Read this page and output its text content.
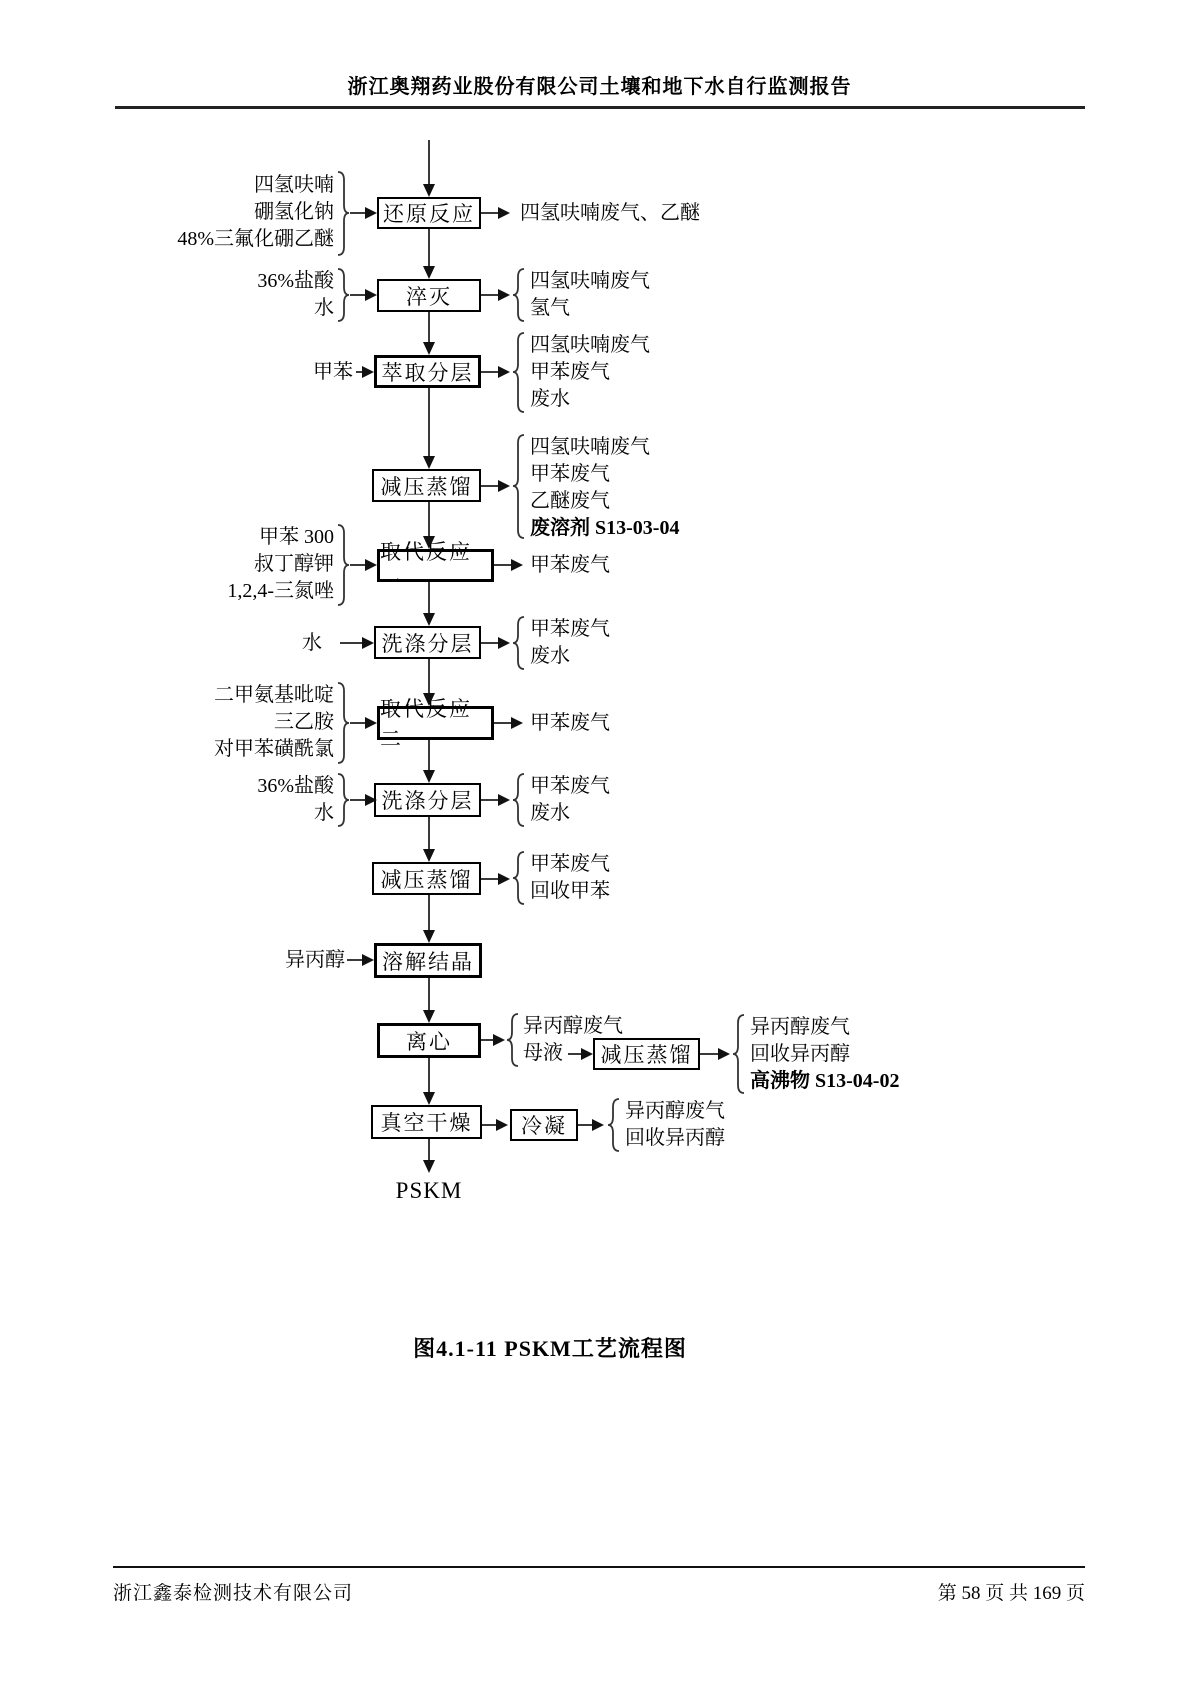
浙江奥翔药业股份有限公司土壤和地下水自行监测报告
还原反应
淬灭
萃取分层
减压蒸馏
取代反应一
洗涤分层
取代反应二
洗涤分层
减压蒸馏
溶解结晶
离心
真空干燥
减压蒸馏
冷凝
四氢呋喃
硼氢化钠
48%三氟化硼乙醚
四氢呋喃废气、乙醚
36%盐酸
水
四氢呋喃废气
氢气
甲苯
四氢呋喃废气
甲苯废气
废水
四氢呋喃废气
甲苯废气
乙醚废气
废溶剂 S13-03-04
甲苯 300
叔丁醇钾
1,2,4-三氮唑
甲苯废气
水
甲苯废气
废水
二甲氨基吡啶
三乙胺
对甲苯磺酰氯
甲苯废气
36%盐酸
水
甲苯废气
废水
甲苯废气
回收甲苯
异丙醇
异丙醇废气
母液
异丙醇废气
回收异丙醇
高沸物 S13-04-02
异丙醇废气
回收异丙醇
PSKM
图4.1-11 PSKM工艺流程图
浙江鑫泰检测技术有限公司	第 58 页 共 169 页
